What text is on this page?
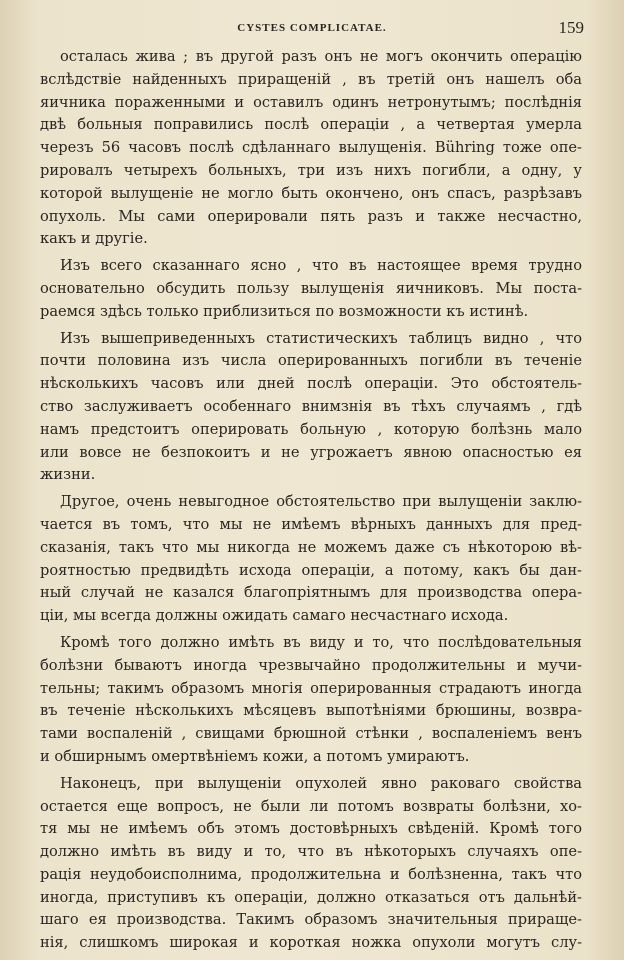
CYSTES COMPLICATAE.	159
осталась жива ; въ другой разъ онъ не могъ окончить операцію
вслѣдствіе найденныхъ приращеній , въ третій онъ нашелъ оба
яичника пораженными и оставилъ одинъ нетронутымъ; послѣднія
двѣ больныя поправились послѣ операціи , а четвертая умерла
черезъ 56 часовъ послѣ сдѣланнаго вылущенія. Bührіng тоже опе-
рировалъ четырехъ больныхъ, три изъ нихъ погибли, а одну, у
которой вылущеніе не могло быть окончено, онъ спасъ, разрѣзавъ
опухоль. Мы сами оперировали пять разъ и также несчастно,
какъ и другіе.
Изъ всего сказаннаго ясно , что въ настоящее время трудно
основательно обсудить пользу вылущенія яичниковъ. Мы поста-
раемся здѣсь только приблизиться по возможности къ истинѣ.
Изъ вышеприведенныхъ статистическихъ таблицъ видно , что
почти половина изъ числа оперированныхъ погибли въ теченіе
нѣсколькихъ часовъ или дней послѣ операціи. Это обстоятель-
ство заслуживаетъ особеннаго внимзнія въ тѣхъ случаямъ , гдѣ
намъ предстоитъ оперировать больную , которую болѣзнь мало
или вовсе не безпокоитъ и не угрожаетъ явною опасностью ея
жизни.
Другое, очень невыгодное обстоятельство при вылущеніи заклю-
чается въ томъ, что мы не имѣемъ вѣрныхъ данныхъ для пред-
сказанія, такъ что мы никогда не можемъ даже съ нѣкоторою вѣ-
роятностью предвидѣть исхода операціи, а потому, какъ бы дан-
ный случай не казался благопріятнымъ для производства опера-
ціи, мы всегда должны ожидать самаго несчастнаго исхода.
Кромѣ того должно имѣть въ виду и то, что послѣдовательныя
болѣзни бываютъ иногда чрезвычайно продолжительны и мучи-
тельны; такимъ образомъ многія оперированныя страдаютъ иногда
въ теченіе нѣсколькихъ мѣсяцевъ выпотѣніями брюшины, возвра-
тами воспаленій , свищами брюшной стѣнки , воспаленіемъ венъ
и обширнымъ омертвѣніемъ кожи, а потомъ умираютъ.
Наконецъ, при вылущеніи опухолей явно раковаго свойства
остается еще вопросъ, не были ли потомъ возвраты болѣзни, хо-
тя мы не имѣемъ объ этомъ достовѣрныхъ свѣденій. Кромѣ того
должно имѣть въ виду и то, что въ нѣкоторыхъ случаяхъ опе-
рація неудобоисполнима, продолжительна и болѣзненна, такъ что
иногда, приступивъ къ операціи, должно отказаться отъ дальнѣй-
шаго ея производства. Такимъ образомъ значительныя прираще-
нія, слишкомъ широкая и короткая ножка опухоли могутъ слу-
